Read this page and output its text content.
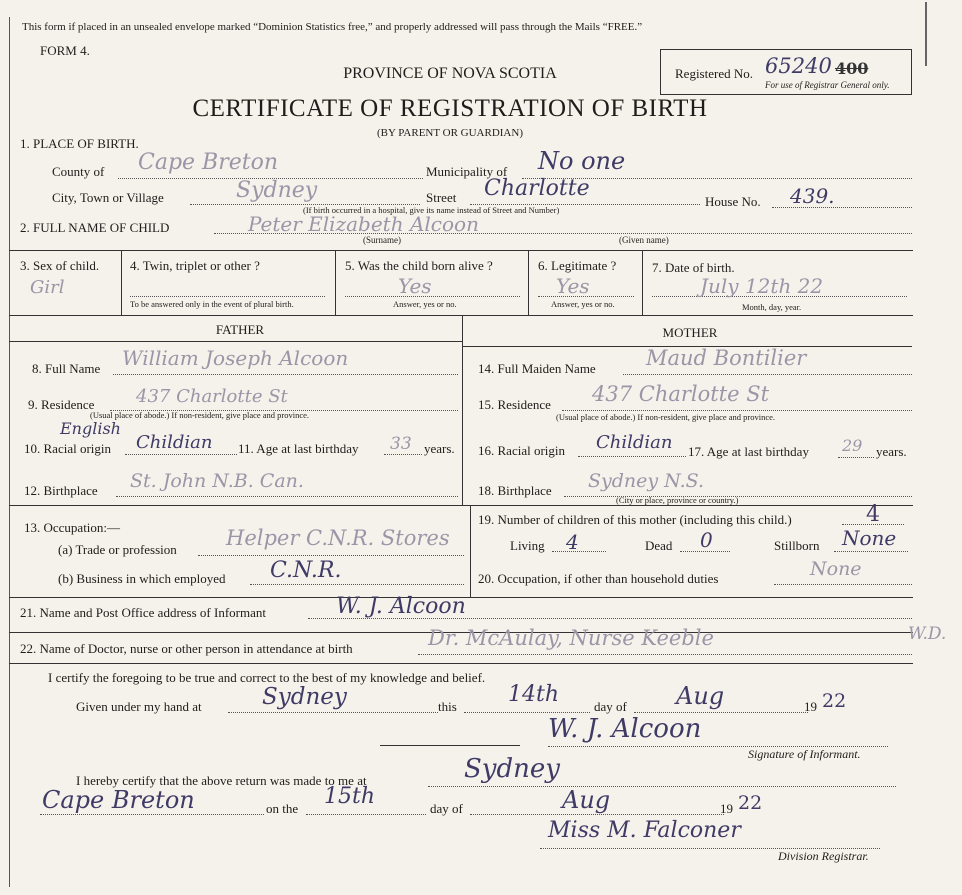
This form if placed in an unsealed envelope marked “Dominion Statistics free,” and properly addressed will pass through the Mails “FREE.”
FORM 4.
Registered No. 65240 400
For use of Registrar General only.
PROVINCE OF NOVA SCOTIA
CERTIFICATE OF REGISTRATION OF BIRTH
(BY PARENT OR GUARDIAN)
1. PLACE OF BIRTH.
County of Cape Breton	Municipality of No one
City, Town or Village	Sydney	Street Charlotte
(If birth occurred in a hospital, give its name instead of Street and Number)
House No. 439.
2. FULL NAME OF CHILD	Peter Elizabeth Alcoon
(Surname)	(Given name)
3. Sex of child.
Girl
4. Twin, triplet or other ?
To be answered only in the event of plural birth.
5. Was the child born alive ?
Yes
Answer, yes or no.
6. Legitimate ?
Yes
Answer, yes or no.
7. Date of birth.
July 12th 22
Month, day, year.
FATHER	MOTHER
8. Full Name William Joseph Alcoon
9. Residence 437 Charlotte St
(Usual place of abode.) If non-resident, give place and province.
10. Racial origin
English
Childian 11. Age at last birthday 33 years.
12. Birthplace St. John N.B. Can.
14. Full Maiden Name Maud Bontilier
15. Residence 437 Charlotte St
(Usual place of abode.) If non-resident, give place and province.
16. Racial origin Childian 17. Age at last birthday 29 years.
18. Birthplace Sydney N.S.
(City or place, province or country.)
13. Occupation:—
(a) Trade or profession Helper C.N.R. Stores
(b) Business in which employed C.N.R.
19. Number of children of this mother (including this child.)	4
Living 4	Dead 0	Stillborn None
20. Occupation, if other than household duties	None
21. Name and Post Office address of Informant	W. J. Alcoon
22. Name of Doctor, nurse or other person in attendance at birth	Dr. McAulay, Nurse Keeble	W.D.
I certify the foregoing to be true and correct to the best of my knowledge and belief.
Given under my hand at	Sydney	this 14th	day of Aug	19 22
W. J. Alcoon
Signature of Informant.
I hereby certify that the above return was made to me at	Sydney
Cape Breton	on the 15th	day of	Aug	19 22
Miss M. Falconer
Division Registrar.
